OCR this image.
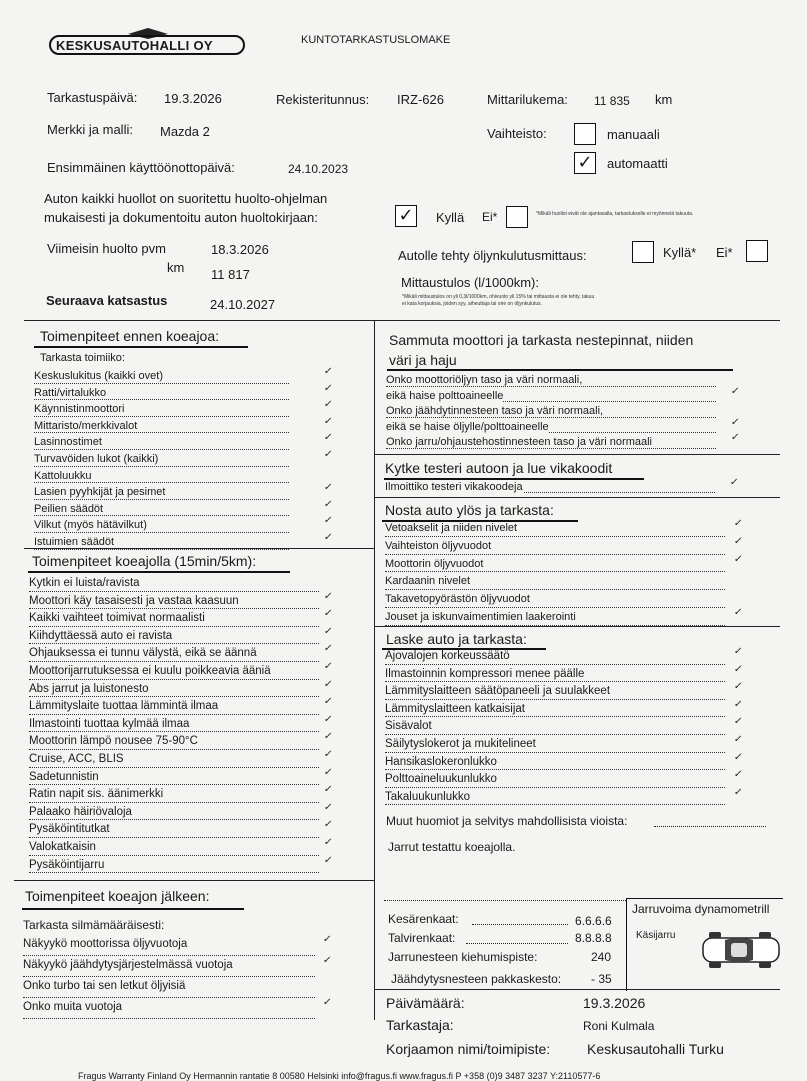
KESKUSAUTOHALLI OY	KUNTOTARKASTUSLOMAKE
Tarkastuspäivä: 19.3.2026	Rekisteritunnus: IRZ-626	Mittarilukema: 11 835 km
Merkki ja malli: Mazda 2	Vaihteisto:	manuaali
✓ automaatti
Ensimmäinen käyttöönottopäivä:	24.10.2023
Auton kaikki huollot on suoritettu huolto-ohjelman
mukaisesti ja dokumentoitu auton huoltokirjaan:	✓ Kyllä Ei*	*Mikäli huollot eivät ole ajantasalla, tarkastukselle ei myönnetä takuuta.
Viimeisin huolto pvm	18.3.2026
km 11 817
Seuraava katsastus	24.10.2027
Autolle tehty öljynkulutusmittaus:	Kyllä* Ei*
Mittaustulos (l/1000km):
*Mikäli mittaustulos on yli 0,3l/1000km, ohivuoto yli 15% tai mittausta ei ole tehty, takuu
ei kata korjauksia, joiden syy, aiheuttaja tai oire on öljynkulutus.
Toimenpiteet ennen koeajoa:
Tarkasta toimiiko:
Keskuslukitus (kaikki ovet)	✓
Ratti/virtalukko	✓
Käynnistinmoottori	✓
Mittaristo/merkkivalot	✓
Lasinnostimet	✓
Turvavöiden lukot (kaikki)	✓
Kattoluukku
Lasien pyyhkijät ja pesimet	✓
Peilien säädöt	✓
Vilkut (myös hätävilkut)	✓
Istuimien säädöt	✓
Toimenpiteet koeajolla (15min/5km):
Kytkin ei luista/ravista
Moottori käy tasaisesti ja vastaa kaasuun	✓
Kaikki vaihteet toimivat normaalisti	✓
Kiihdyttäessä auto ei ravista	✓
Ohjauksessa ei tunnu välystä, eikä se äännä	✓
Moottorijarrutuksessa ei kuulu poikkeavia ääniä	✓
Abs jarrut ja luistonesto	✓
Lämmityslaite tuottaa lämmintä ilmaa	✓
Ilmastointi tuottaa kylmää ilmaa	✓
Moottorin lämpö nousee 75-90°C	✓
Cruise, ACC, BLIS	✓
Sadetunnistin	✓
Ratin napit sis. äänimerkki	✓
Palaako häiriövaloja	✓
Pysäköintitutkat	✓
Valokatkaisin	✓
Pysäköintijarru	✓
Toimenpiteet koeajon jälkeen:
Tarkasta silmämääräisesti:
Näkyykö moottorissa öljyvuotoja	✓
Näkyykö jäähdytysjärjestelmässä vuotoja	✓
Onko turbo tai sen letkut öljyisiä
Onko muita vuotoja	✓
Sammuta moottori ja tarkasta nestepinnat, niiden
väri ja haju
Onko moottoriöljyn taso ja väri normaali,
eikä haise polttoaineelle	✓
Onko jäähdytinnesteen taso ja väri normaali,
eikä se haise öljylle/polttoaineelle	✓
Onko jarru/ohjaustehostinnesteen taso ja väri normaali	✓
Kytke testeri autoon ja lue vikakoodit
Ilmoittiko testeri vikakoodeja	✓
Nosta auto ylös ja tarkasta:
Vetoakselit ja niiden nivelet	✓
Vaihteiston öljyvuodot	✓
Moottorin öljyvuodot	✓
Kardaanin nivelet
Takavetopyörästön öljyvuodot
Jouset ja iskunvaimentimien laakerointi	✓
Laske auto ja tarkasta:
Ajovalojen korkeussäätö	✓
Ilmastoinnin kompressori menee päälle	✓
Lämmityslaitteen säätöpaneeli ja suulakkeet	✓
Lämmityslaitteen katkaisijat	✓
Sisävalot	✓
Säilytyslokerot ja mukitelineet	✓
Hansikaslokeronlukko	✓
Polttoaineluukunlukko	✓
Takaluukunlukko	✓
Muut huomiot ja selvitys mahdollisista vioista:
Jarrut testattu koeajolla.
Kesärenkaat:	6.6.6.6
Talvirenkaat:	8.8.8.8
Jarrunesteen kiehumispiste:	240
Jäähdytysnesteen pakkaskesto: - 35
Jarruvoima dynamometrill
Käsijarru
Päivämäärä:	19.3.2026
Tarkastaja:	Roni Kulmala
Korjaamon nimi/toimipiste:	Keskusautohalli Turku
Fragus Warranty Finland Oy Hermannin rantatie 8 00580 Helsinki info@fragus.fi www.fragus.fi P +358 (0)9 3487 3237 Y:2110577-6
